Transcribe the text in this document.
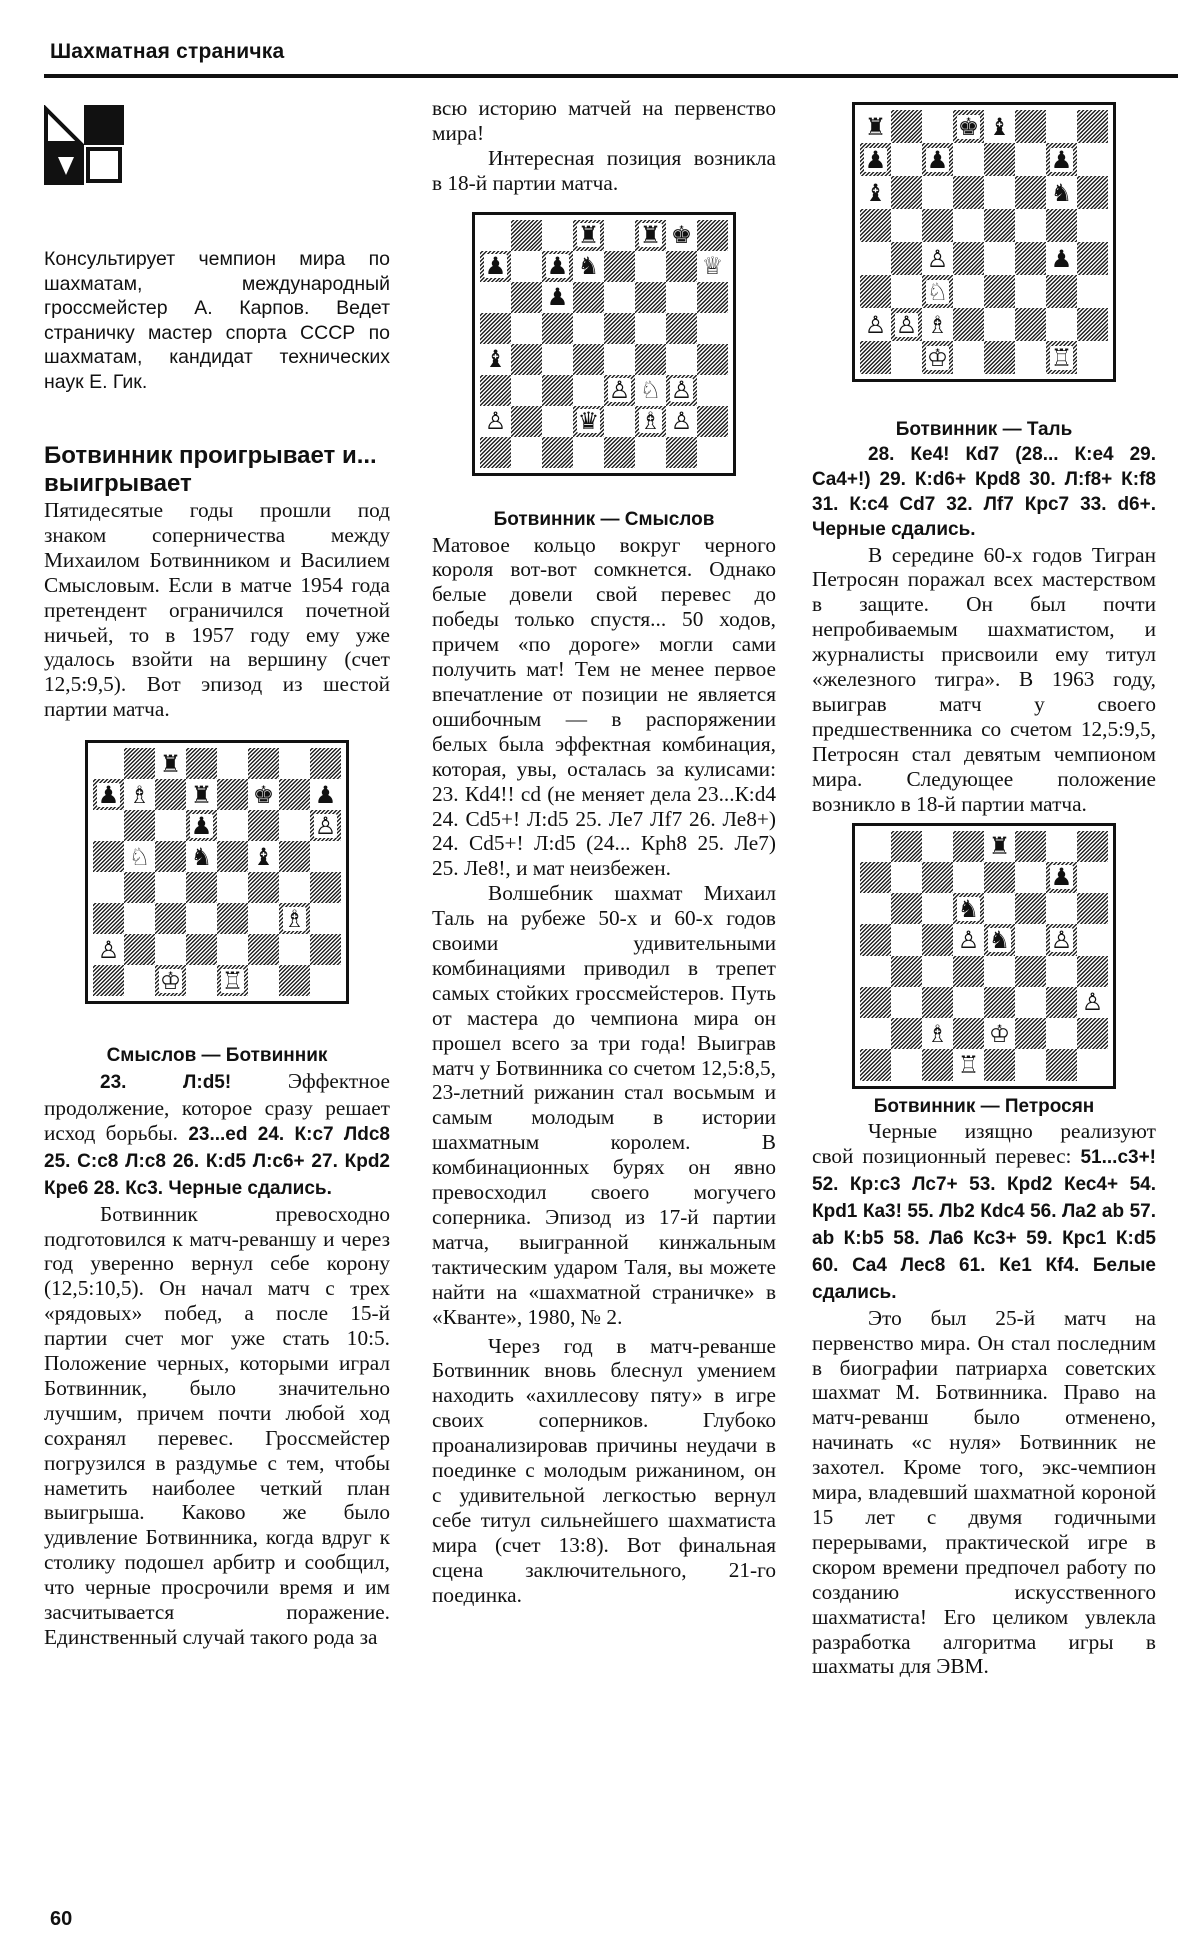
Шахматная страничка

Консультирует чемпион мира по шахматам, международный гроссмейстер А. Карпов. Ведет страничку мастер спорта СССР по шахматам, кандидат технических наук Е. Гик.

Ботвинник проигрывает и... выигрывает

Пятидесятые годы прошли под знаком соперничества между Михаилом Ботвинником и Василием Смысловым. Если в матче 1954 года претендент ограничился почетной ничьей, то в 1957 году ему уже удалось взойти на вершину (счет 12,5:9,5). Вот эпизод из шестой партии матча.

♜
♟ ♗ ♜ ♚ ♟
♟	♙
♘ ♞ ♝
♗
♙
♔ ♖

Смыслов — Ботвинник

23. Л:d5! Эффектное продолжение, которое сразу решает исход борьбы. 23...ed 24. К:с7 Лdc8 25. С:с8 Л:с8 26. К:d5 Л:с6+ 27. Крd2 Крe6 28. Кс3. Черные сдались.

Ботвинник превосходно подготовился к матч-реваншу и через год уверенно вернул себе корону (12,5:10,5). Он начал матч с трех «рядовых» побед, а после 15-й партии счет мог уже стать 10:5. Положение черных, которыми играл Ботвинник, было значительно лучшим, причем почти любой ход сохранял перевес. Гроссмейстер погрузился в раздумье с тем, чтобы наметить наиболее четкий план выигрыша. Каково же было удивление Ботвинника, когда вдруг к столику подошел арбитр и сообщил, что черные просрочили время и им засчитывается поражение. Единственный случай такого рода за

всю историю матчей на первенство мира!

Интересная позиция возникла в 18-й партии матча.

♜ ♜ ♚
♟ ♟ ♞	♕
♟
♝
♙ ♘ ♙
♙	♛ ♗ ♙

Ботвинник — Смыслов

Матовое кольцо вокруг черного короля вот-вот сомкнется. Однако белые довели свой перевес до победы только спустя... 50 ходов, причем «по дороге» могли сами получить мат! Тем не менее первое впечатление от позиции не является ошибочным — в распоряжении белых была эффектная комбинация, которая, увы, осталась за кулисами: 23. Кd4!! cd (не меняет дела 23...К:d4 24. Сd5+! Л:d5 25. Ле7 Лf7 26. Ле8+) 24. Сd5+! Л:d5 (24... Крh8 25. Ле7) 25. Ле8!, и мат неизбежен.

Волшебник шахмат Михаил Таль на рубеже 50-х и 60-х годов своими удивительными комбинациями приводил в трепет самых стойких гроссмейстеров. Путь от мастера до чемпиона мира он прошел всего за три года! Выиграв матч у Ботвинника со счетом 12,5:8,5, 23-летний рижанин стал восьмым и самым молодым в истории шахматным королем. В комбинационных бурях он явно превосходил своего могучего соперника. Эпизод из 17-й партии матча, выигранной кинжальным тактическим ударом Таля, вы можете найти на «шахматной страничке» в «Кванте», 1980, № 2.

Через год в матч-реванше Ботвинник вновь блеснул умением находить «ахиллесову пяту» в игре своих соперников. Глубоко проанализировав причины неудачи в поединке с молодым рижанином, он с удивительной легкостью вернул себе титул сильнейшего шахматиста мира (счет 13:8). Вот финальная сцена заключительного, 21-го поединка.

♜	♚ ♝
♟ ♟	♟
♝	♞
♙	♟
♘
♙ ♙ ♗
♔	♖

Ботвинник — Таль

28. Кe4! Кd7 (28... К:e4 29. Сa4+!) 29. К:d6+ Крd8 30. Л:f8+ К:f8 31. К:с4 Сd7 32. Лf7 Крс7 33. d6+. Черные сдались.

В середине 60-х годов Тигран Петросян поражал всех мастерством в защите. Он был почти непробиваемым шахматистом, и журналисты присвоили ему титул «железного тигра». В 1963 году, выиграв матч у своего предшественника со счетом 12,5:9,5, Петросян стал девятым чемпионом мира. Следующее положение возникло в 18-й партии матча.

♜
♟
♞
♙ ♞ ♙
♙
♗ ♔
♖

Ботвинник — Петросян

Черные изящно реализуют свой позиционный перевес: 51...с3+! 52. Кр:с3 Лс7+ 53. Крd2 Кес4+ 54. Крd1 Кa3! 55. Лb2 Кdс4 56. Лa2 ab 57. ab К:b5 58. Лa6 Кс3+ 59. Крс1 К:d5 60. Сa4 Лес8 61. Кe1 Кf4. Белые сдались.

Это был 25-й матч на первенство мира. Он стал последним в биографии патриарха советских шахмат М. Ботвинника. Право на матч-реванш было отменено, начинать «с нуля» Ботвинник не захотел. Кроме того, экс-чемпион мира, владевший шахматной короной 15 лет с двумя годичными перерывами, практической игре в скором времени предпочел работу по созданию искусственного шахматиста! Его целиком увлекла разработка алгоритма игры в шахматы для ЭВМ.

60
